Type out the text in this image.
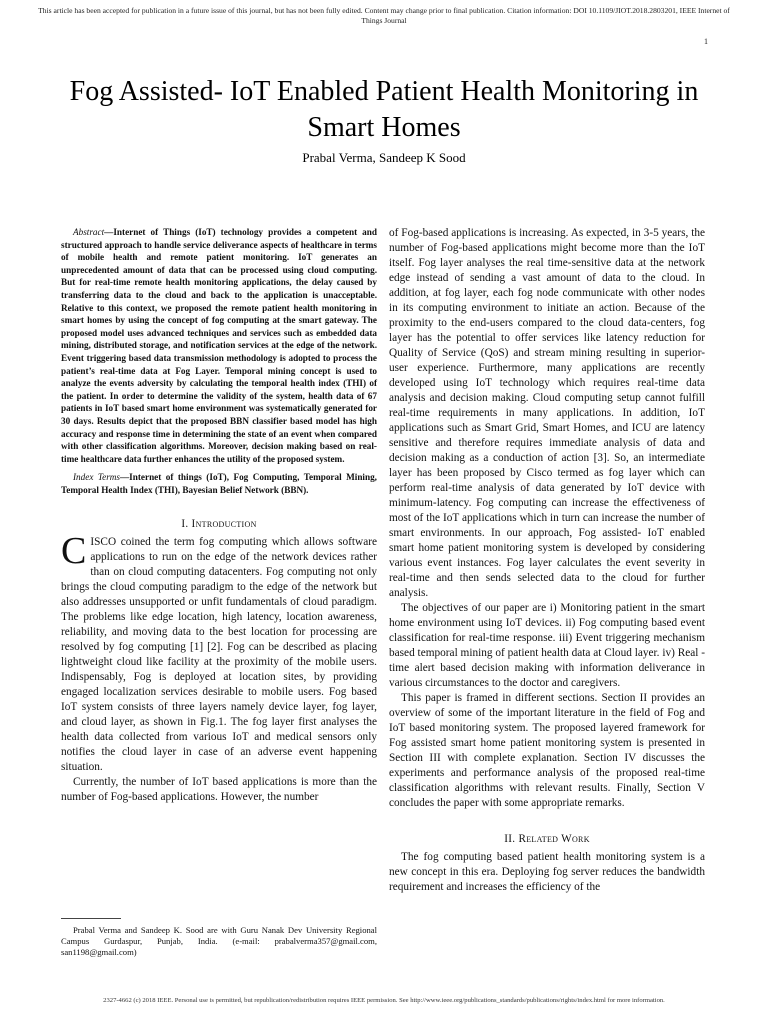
This article has been accepted for publication in a future issue of this journal, but has not been fully edited. Content may change prior to final publication. Citation information: DOI 10.1109/JIOT.2018.2803201, IEEE Internet of Things Journal
1
Fog Assisted- IoT Enabled Patient Health Monitoring in Smart Homes
Prabal Verma, Sandeep K Sood

Abstract—Internet of Things (IoT) technology provides a competent and structured approach to handle service deliverance aspects of healthcare in terms of mobile health and remote patient monitoring. IoT generates an unprecedented amount of data that can be processed using cloud computing. But for real-time remote health monitoring applications, the delay caused by transferring data to the cloud and back to the application is unacceptable. Relative to this context, we proposed the remote patient health monitoring in smart homes by using the concept of fog computing at the smart gateway. The proposed model uses advanced techniques and services such as embedded data mining, distributed storage, and notification services at the edge of the network. Event triggering based data transmission methodology is adopted to process the patient’s real-time data at Fog Layer. Temporal mining concept is used to analyze the events adversity by calculating the temporal health index (THI) of the patient. In order to determine the validity of the system, health data of 67 patients in IoT based smart home environment was systematically generated for 30 days. Results depict that the proposed BBN classifier based model has high accuracy and response time in determining the state of an event when compared with other classification algorithms. Moreover, decision making based on real-time healthcare data further enhances the utility of the proposed system.

Index Terms—Internet of things (IoT), Fog Computing, Temporal Mining, Temporal Health Index (THI), Bayesian Belief Network (BBN).

I. Introduction

CISCO coined the term fog computing which allows software applications to run on the edge of the network devices rather than on cloud computing datacenters. Fog computing not only brings the cloud computing paradigm to the edge of the network but also addresses unsupported or unfit fundamentals of cloud paradigm. The problems like edge location, high latency, location awareness, reliability, and moving data to the best location for processing are resolved by fog computing [1] [2]. Fog can be described as placing lightweight cloud like facility at the proximity of the mobile users. Indispensably, Fog is deployed at location sites, by providing engaged localization services desirable to mobile users. Fog based IoT system consists of three layers namely device layer, fog layer, and cloud layer, as shown in Fig.1. The fog layer first analyses the health data collected from various IoT and medical sensors only notifies the cloud layer in case of an adverse event happening situation.

Currently, the number of IoT based applications is more than the number of Fog-based applications. However, the number

Prabal Verma and Sandeep K. Sood are with Guru Nanak Dev University Regional Campus Gurdaspur, Punjab, India. (e-mail: prabalverma357@gmail.com, san1198@gmail.com)

of Fog-based applications is increasing. As expected, in 3-5 years, the number of Fog-based applications might become more than the IoT itself. Fog layer analyses the real time-sensitive data at the network edge instead of sending a vast amount of data to the cloud. In addition, at fog layer, each fog node communicate with other nodes in its computing environment to initiate an action. Because of the proximity to the end-users compared to the cloud data-centers, fog layer has the potential to offer services like latency reduction for Quality of Service (QoS) and stream mining resulting in superior-user experience. Furthermore, many applications are recently developed using IoT technology which requires real-time data analysis and decision making. Cloud computing setup cannot fulfill real-time requirements in many applications. In addition, IoT applications such as Smart Grid, Smart Homes, and ICU are latency sensitive and therefore requires immediate analysis of data and decision making as a conduction of action [3]. So, an intermediate layer has been proposed by Cisco termed as fog layer which can perform real-time analysis of data generated by IoT device with minimum-latency. Fog computing can increase the effectiveness of most of the IoT applications which in turn can increase the number of smart environments. In our approach, Fog assisted- IoT enabled smart home patient monitoring system is developed by considering various event instances. Fog layer calculates the event severity in real-time and then sends selected data to the cloud for further analysis.

The objectives of our paper are i) Monitoring patient in the smart home environment using IoT devices. ii) Fog computing based event classification for real-time response. iii) Event triggering mechanism based temporal mining of patient health data at Cloud layer. iv) Real -time alert based decision making with information deliverance in various circumstances to the doctor and caregivers.

This paper is framed in different sections. Section II provides an overview of some of the important literature in the field of Fog and IoT based monitoring system. The proposed layered framework for Fog assisted smart home patient monitoring system is presented in Section III with complete explanation. Section IV discusses the experiments and performance analysis of the proposed real-time classification algorithms with relevant results. Finally, Section V concludes the paper with some appropriate remarks.

II. Related Work

The fog computing based patient health monitoring system is a new concept in this era. Deploying fog server reduces the bandwidth requirement and increases the efficiency of the

2327-4662 (c) 2018 IEEE. Personal use is permitted, but republication/redistribution requires IEEE permission. See http://www.ieee.org/publications_standards/publications/rights/index.html for more information.
